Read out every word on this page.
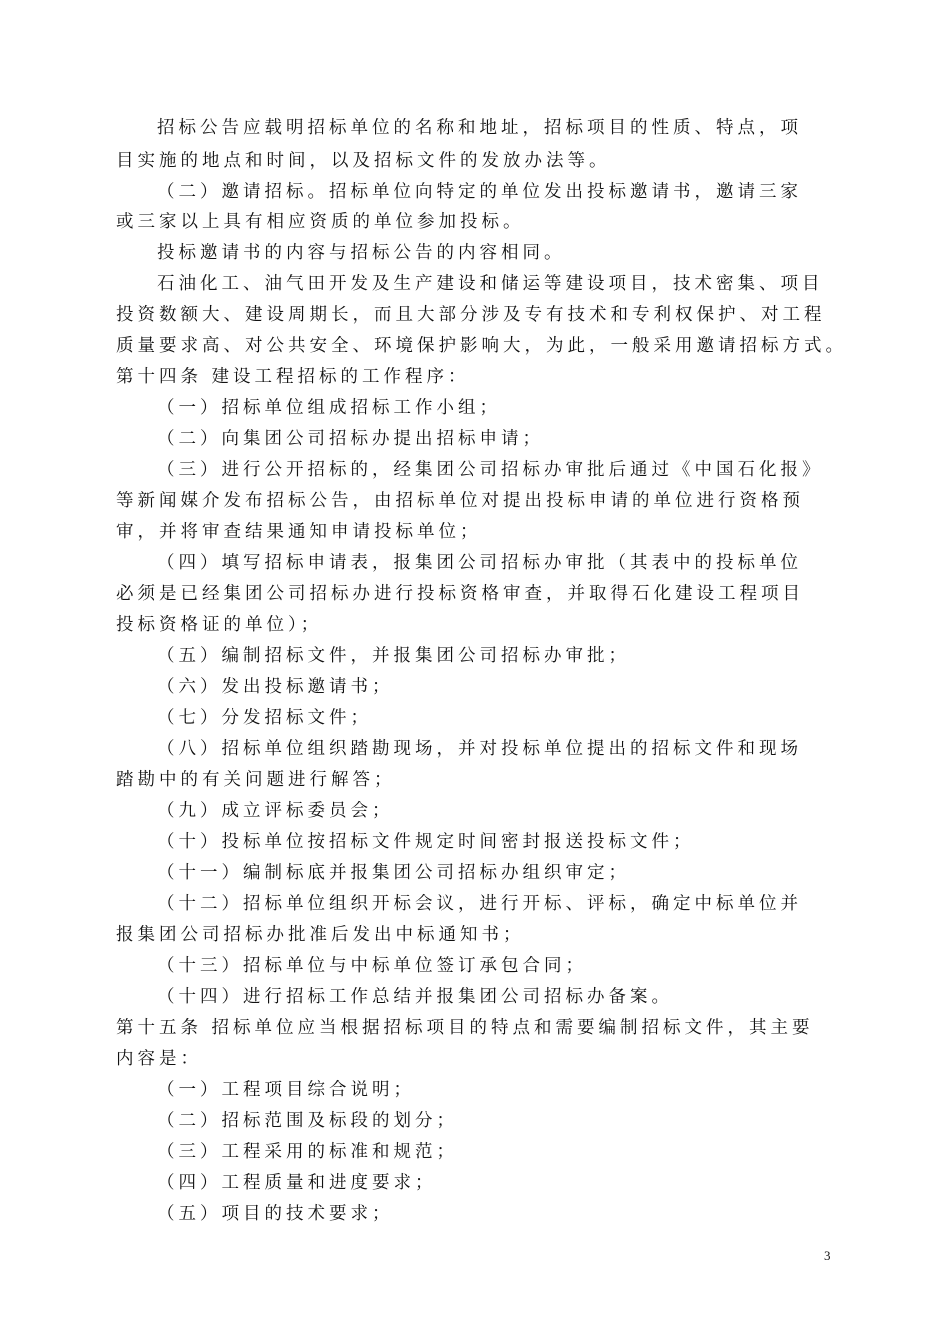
招标公告应载明招标单位的名称和地址，招标项目的性质、特点，项
目实施的地点和时间，以及招标文件的发放办法等。
（二）邀请招标。招标单位向特定的单位发出投标邀请书，邀请三家
或三家以上具有相应资质的单位参加投标。
投标邀请书的内容与招标公告的内容相同。
石油化工、油气田开发及生产建设和储运等建设项目，技术密集、项目
投资数额大、建设周期长，而且大部分涉及专有技术和专利权保护、对工程
质量要求高、对公共安全、环境保护影响大，为此，一般采用邀请招标方式。
第十四条 建设工程招标的工作程序：
（一）招标单位组成招标工作小组；
（二）向集团公司招标办提出招标申请；
（三）进行公开招标的，经集团公司招标办审批后通过《中国石化报》
等新闻媒介发布招标公告，由招标单位对提出投标申请的单位进行资格预
审，并将审查结果通知申请投标单位；
（四）填写招标申请表，报集团公司招标办审批（其表中的投标单位
必须是已经集团公司招标办进行投标资格审查，并取得石化建设工程项目
投标资格证的单位）；
（五）编制招标文件，并报集团公司招标办审批；
（六）发出投标邀请书；
（七）分发招标文件；
（八）招标单位组织踏勘现场，并对投标单位提出的招标文件和现场
踏勘中的有关问题进行解答；
（九）成立评标委员会；
（十）投标单位按招标文件规定时间密封报送投标文件；
（十一）编制标底并报集团公司招标办组织审定；
（十二）招标单位组织开标会议，进行开标、评标，确定中标单位并
报集团公司招标办批准后发出中标通知书；
（十三）招标单位与中标单位签订承包合同；
（十四）进行招标工作总结并报集团公司招标办备案。
第十五条 招标单位应当根据招标项目的特点和需要编制招标文件，其主要
内容是：
（一）工程项目综合说明；
（二）招标范围及标段的划分；
（三）工程采用的标准和规范；
（四）工程质量和进度要求；
（五）项目的技术要求；
3
